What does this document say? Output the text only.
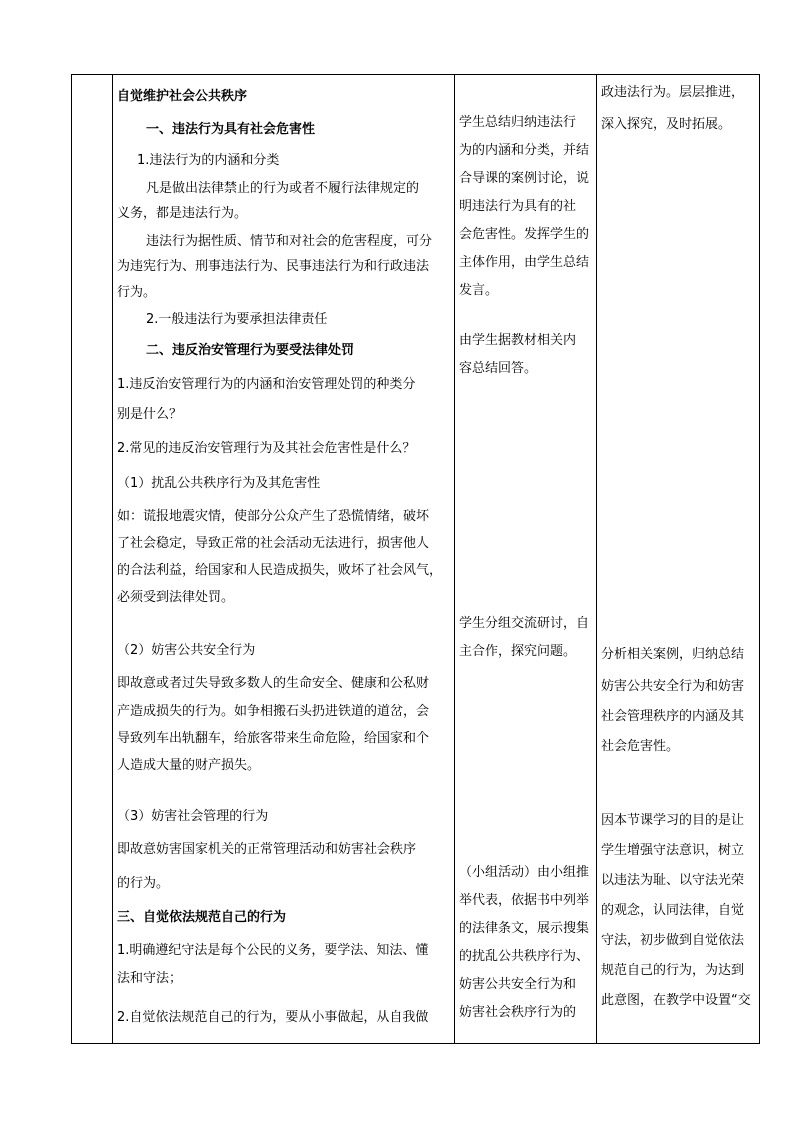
自觉维护社会公共秩序
一、违法行为具有社会危害性
1.违法行为的内涵和分类
凡是做出法律禁止的行为或者不履行法律规定的
义务，都是违法行为。
违法行为据性质、情节和对社会的危害程度，可分
为违宪行为、刑事违法行为、民事违法行为和行政违法
行为。
2.一般违法行为要承担法律责任
二、违反治安管理行为要受法律处罚
1.违反治安管理行为的内涵和治安管理处罚的种类分
别是什么？
2.常见的违反治安管理行为及其社会危害性是什么？
（1）扰乱公共秩序行为及其危害性
如：谎报地震灾情，使部分公众产生了恐慌情绪，破坏
了社会稳定，导致正常的社会活动无法进行，损害他人
的合法利益，给国家和人民造成损失，败坏了社会风气，
必须受到法律处罚。
（2）妨害公共安全行为
即故意或者过失导致多数人的生命安全、健康和公私财
产造成损失的行为。如争相搬石头扔进铁道的道岔，会
导致列车出轨翻车，给旅客带来生命危险，给国家和个
人造成大量的财产损失。
（3）妨害社会管理的行为
即故意妨害国家机关的正常管理活动和妨害社会秩序
的行为。
三、自觉依法规范自己的行为
1.明确遵纪守法是每个公民的义务，要学法、知法、懂
法和守法；
2.自觉依法规范自己的行为，要从小事做起，从自我做

学生总结归纳违法行
为的内涵和分类，并结
合导课的案例讨论，说
明违法行为具有的社
会危害性。发挥学生的
主体作用，由学生总结
发言。
由学生据教材相关内
容总结回答。
学生分组交流研讨，自
主合作，探究问题。
（小组活动）由小组推
举代表，依据书中列举
的法律条文，展示搜集
的扰乱公共秩序行为、
妨害公共安全行为和
妨害社会秩序行为的

政违法行为。层层推进，
深入探究，及时拓展。
分析相关案例，归纳总结
妨害公共安全行为和妨害
社会管理秩序的内涵及其
社会危害性。
因本节课学习的目的是让
学生增强守法意识，树立
以违法为耻、以守法光荣
的观念，认同法律，自觉
守法，初步做到自觉依法
规范自己的行为，为达到
此意图，在教学中设置“交
